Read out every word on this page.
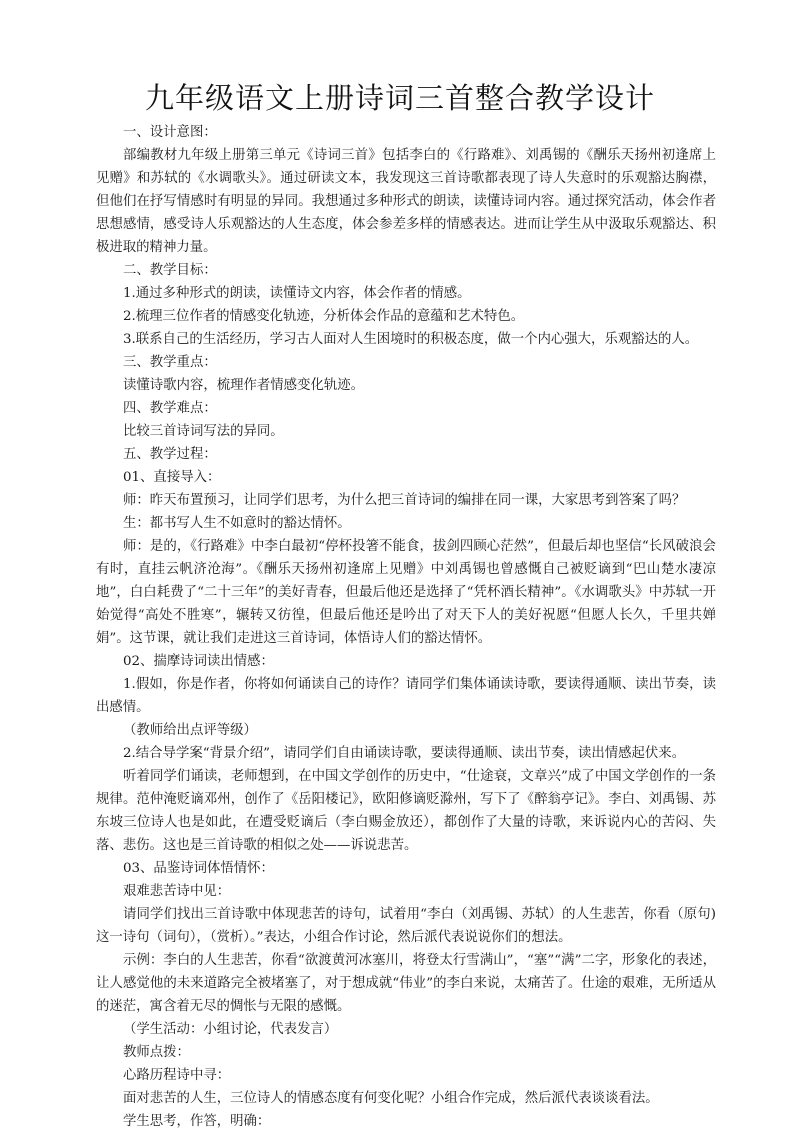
九年级语文上册诗词三首整合教学设计

一、设计意图：

部编教材九年级上册第三单元《诗词三首》包括李白的《行路难》、刘禹锡的《酬乐天扬州初逢席上见赠》和苏轼的《水调歌头》。通过研读文本，我发现这三首诗歌都表现了诗人失意时的乐观豁达胸襟，但他们在抒写情感时有明显的异同。我想通过多种形式的朗读，读懂诗词内容。通过探究活动，体会作者思想感情，感受诗人乐观豁达的人生态度，体会参差多样的情感表达。进而让学生从中汲取乐观豁达、积极进取的精神力量。

二、教学目标：

1.通过多种形式的朗读，读懂诗文内容，体会作者的情感。

2.梳理三位作者的情感变化轨迹，分析体会作品的意蕴和艺术特色。

3.联系自己的生活经历，学习古人面对人生困境时的积极态度，做一个内心强大，乐观豁达的人。

三、教学重点：

读懂诗歌内容，梳理作者情感变化轨迹。

四、教学难点：

比较三首诗词写法的异同。

五、教学过程：

01、直接导入：

师：昨天布置预习，让同学们思考，为什么把三首诗词的编排在同一课，大家思考到答案了吗？

生：都书写人生不如意时的豁达情怀。

师：是的，《行路难》中李白最初“停杯投箸不能食，拔剑四顾心茫然”，但最后却也坚信“长风破浪会有时，直挂云帆济沧海”。《酬乐天扬州初逢席上见赠》中刘禹锡也曾感慨自己被贬谪到“巴山楚水凄凉地”，白白耗费了“二十三年”的美好青春，但最后他还是选择了“凭杯酒长精神”。《水调歌头》中苏轼一开始觉得“高处不胜寒”，辗转又彷徨，但最后他还是吟出了对天下人的美好祝愿“但愿人长久，千里共婵娟”。这节课，就让我们走进这三首诗词，体悟诗人们的豁达情怀。

02、揣摩诗词读出情感：

1.假如，你是作者，你将如何诵读自己的诗作？请同学们集体诵读诗歌，要读得通顺、读出节奏，读出感情。

（教师给出点评等级）

2.结合导学案“背景介绍”，请同学们自由诵读诗歌，要读得通顺、读出节奏，读出情感起伏来。

听着同学们诵读，老师想到，在中国文学创作的历史中，“仕途衰，文章兴”成了中国文学创作的一条规律。范仲淹贬谪邓州，创作了《岳阳楼记》，欧阳修谪贬滁州，写下了《醉翁亭记》。李白、刘禹锡、苏东坡三位诗人也是如此，在遭受贬谪后（李白赐金放还），都创作了大量的诗歌，来诉说内心的苦闷、失落、悲伤。这也是三首诗歌的相似之处——诉说悲苦。

03、品鉴诗词体悟情怀：

艰难悲苦诗中见：

请同学们找出三首诗歌中体现悲苦的诗句，试着用“李白（刘禹锡、苏轼）的人生悲苦，你看（原句)这一诗句（词句），（赏析）。”表达，小组合作讨论，然后派代表说说你们的想法。

示例：李白的人生悲苦，你看“欲渡黄河冰塞川，将登太行雪满山”，“塞”“满”二字，形象化的表述，让人感觉他的未来道路完全被堵塞了，对于想成就“伟业”的李白来说，太痛苦了。仕途的艰难，无所适从的迷茫，寓含着无尽的惆怅与无限的感慨。

（学生活动：小组讨论，代表发言）

教师点拨：

心路历程诗中寻：

面对悲苦的人生，三位诗人的情感态度有何变化呢？小组合作完成，然后派代表谈谈看法。

学生思考，作答，明确：
